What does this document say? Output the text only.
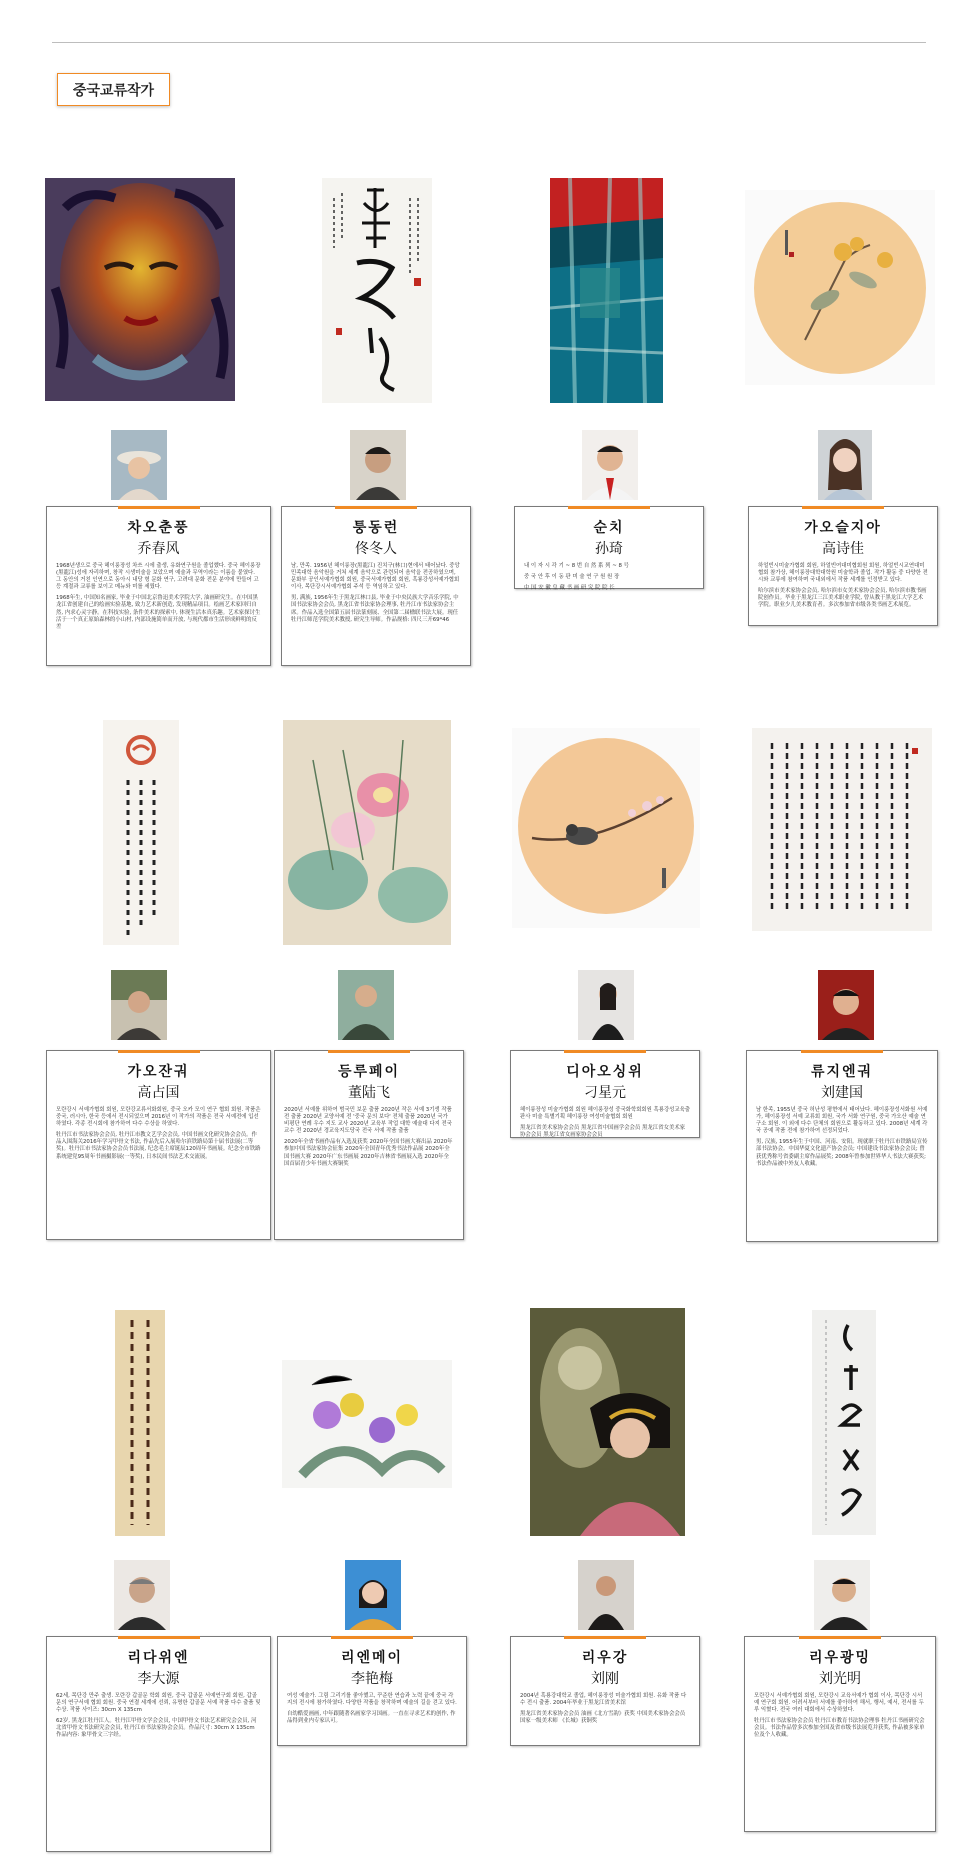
중국교류작가
차오춘풍
乔春风
1968년생으로 중국 헤이룽장성 차쓰 시에 출생, 유화연구원을 졸업했다. 중국 헤이룽장(黑龍江)성에 자리하며, 창작 시생미술을 보았으며 예술과 무역이라는 이름을 붙였다. 그 동안의 거친 인연으로 동아시 내당 형 문화 연구, 고려대 문화 전문 분야에 만들어 고등 계절과 교류를 보이고 메뉴와 미를 세웠다.
1968年生, 中国知名画家, 毕业于中国北京鲁迅美术学院大学, 油画研究生。在中国黑龙江省创建自己的绘画实验基地, 致力艺术新创造, 发现精品项目。绘画艺术家回归自然, 内求心灵字静。在科技实验, 条件美术的探索中, 体现生活本真乐趣。艺术家探讨生活于一个真正原始森林的小山村, 内部设施简单而开放, 与现代都市生活形成鲜明的反差
퉁동런
佟冬人
남, 만족. 1956년 헤이룽장(黑龍江) 진치구(林口)현에서 태어났다. 중앙민족대학 음악원을 거쳐 세계 음악으로 관련되어 음악을 전공하였으며, 문화부 공인서예가협회 회원, 중국서예가협회 회원, 흑룡강성서예가협회 이사, 목단강시서예가협회 주석 등 역임하고 있다.
男, 满族, 1956年生于黑龙江林口县, 毕业于中央民族大学音乐学院, 中国书法家协会会员, 黑龙江省书法家协会理事, 牡丹江市书法家协会主席。作品入选全国第五届书法篆刻展、全国第二届楹联书法大展。现任牡丹江师范学院美术教授, 研究生导师。作品规格: 四尺三开69*46
순치
孙琦
내 이 자 시 각 기 ~ 8 번 自 然 系 列 ~ 8 号
중 국 안 후 이 동 판 미 술 연 구 원 원 장
中 国 安 徽 皇 藏 书 画 研 究 院 院 长
가오슬지아
高诗佳
하얼빈시미술가협회 회원, 하얼빈여대미협회원 회원, 하얼빈시교연대미협회 참가상, 헤이룽장대학대학원 미술학과 졸업. 작가 활동 중 다양한 전시와 교류에 참여하며 국내외에서 작품 세계를 인정받고 있다.
哈尔滨市美术家协会会员, 哈尔滨市女美术家协会会员, 哈尔滨市教书画院创作员。毕业于黑龙江三江美术职业学院, 曾从教于黑龙江大学艺术学院。职业少儿美术教育者。多次参加省市级各类书画艺术展览。
가오잔궈
高占国
모란강시 서예가협회 회원, 모란강교류서화회원, 중국 오카 모이 연구 협회 회원. 작품은 중국, 러시아, 한국 등에서 전시되었으며 2016년 이 작가의 작품은 전국 서예전에 입선하였다. 각종 전시회에 참가하여 다수 수상을 하였다.
牡丹江市书法家协会会员, 牡丹江市教文艺学会会员, 中国书画文化研究协会会员。作品入围海关2016年学习甲骨文书法, 作品先后入展哈尔滨铁路局第十届书法展(二等奖)。牡丹江市书法家协会会员书法展, 纪念毛主席诞辰120周年书画展。纪念全市铁路系统建党95周年书画摄影展(一等奖), 日本民间书法艺术交流展。
등루페이
董陆飞
2020년 서예를 위하여 범국민 보문 출품 2020년 작은 서예 3기생 작품전 출품 2020년 교양서예 전 '중국 문의 보다' 전체 출품 2020년 국가 비평단 연례 우수 지도 교사 2020년 교육부 작업 대학 예술대 다지 전국 교수 전 2020년 경교육지도당국 전국 서예 작품 출품
2020年全省书画作品有入选及获奖 2020年全国书画大赛出品 2020年参加中国书法家协会征集 2020年全国青年优秀书法作品展 2020年全国书画大赛 2020年广东书画展 2020年吉林省书画展入选 2020年全国首届青少年书画大赛铜奖
디아오싱위
刁星元
헤이룽장성 미술가협회 회원 헤이룽장성 중국화학회회원 흑룡강성교육출판사 미술 특별기획 헤이룽장 여성미술협회 회원
黑龙江省美术家协会会员 黑龙江省中国画学会会员 黑龙江省女美术家协会会员 黑龙江省女画家协会会员
류지엔궈
刘建国
남 한족, 1955년 중국 허난성 평현에서 태어났다. 헤이룽장성서화원 서예가, 헤이룽장성 서예 교류회 회원, 국가 서화 연구원, 중국 가오산 예술 연구소 회원. 이 외에 다수 단체의 회원으로 활동하고 있다. 2008년 세계 각국 공예 작품 전에 참가하여 선정되었다.
男, 汉族, 1955年生于中国、河南、安阳。现就职于牡丹江市铁路局宣传部书法协会。中国华夏文化遗产协会会员; 中国建设书法家协会会员; 曾获优秀称号省委副主席作品展奖; 2008年曾参加世界华人书法大赛获奖; 书法作品被中外友人收藏。
리다위엔
李大源
62세, 목단강 만주 출생. 모란강 갑골문 학회 회원, 중국 갑골문 서예연구회 회원, 갑골문의 연구서예 협회 회원. 중국 연결 세계에 선뢰, 유명한 갑골문 서예 작품 다수 출품 및 수상. 작품 사이즈: 30cm X 135cm
62岁, 黑龙江牡丹江人。牡丹江甲骨文学会会员, 中国甲骨文书法艺术研究会会员, 河北省甲骨文书法研究会会员, 牡丹江市书法家协会会员。作品尺寸: 30cm X 135cm 作品内容: 象甲骨文三字经。
리엔메이
李艳梅
여성 예술가. 그림 그리기를 좋아했고, 꾸준한 연습과 노력 끝에 중국 각지의 전시에 참가하였다. 다양한 작품을 창작하며 예술의 길을 걷고 있다.
自幼酷爱画画, 中年跟随著名画家学习国画。一直在寻求艺术的创作, 作品得到业内专家认可。
리우강
刘刚
2004년 흑룡강대학교 졸업, 헤이룽장성 미술가협회 회원. 유화 작품 다수 전시 출품. 2004年毕业于黑龙江省美术馆
黑龙江省美术家协会会员 油画《北方雪韵》获奖 中国美术家协会会员 国家一级美术师 《长城》获铜奖
리우광밍
刘光明
모란강시 서예가협회 회원, 모란강시 교육서예가 협회 이사, 목단강 시서예 연구회 회원. 어려서부터 서예를 좋아하여 해서, 행서, 예서, 전서를 두루 익혔다. 전국 여러 대회에서 수상하였다.
牡丹江市书法家协会会员 牡丹江市教育书法协会理事 牡丹江书画研究会会员。书法作品曾多次参加全国及省市级书法展览并获奖, 作品被多家单位及个人收藏。
